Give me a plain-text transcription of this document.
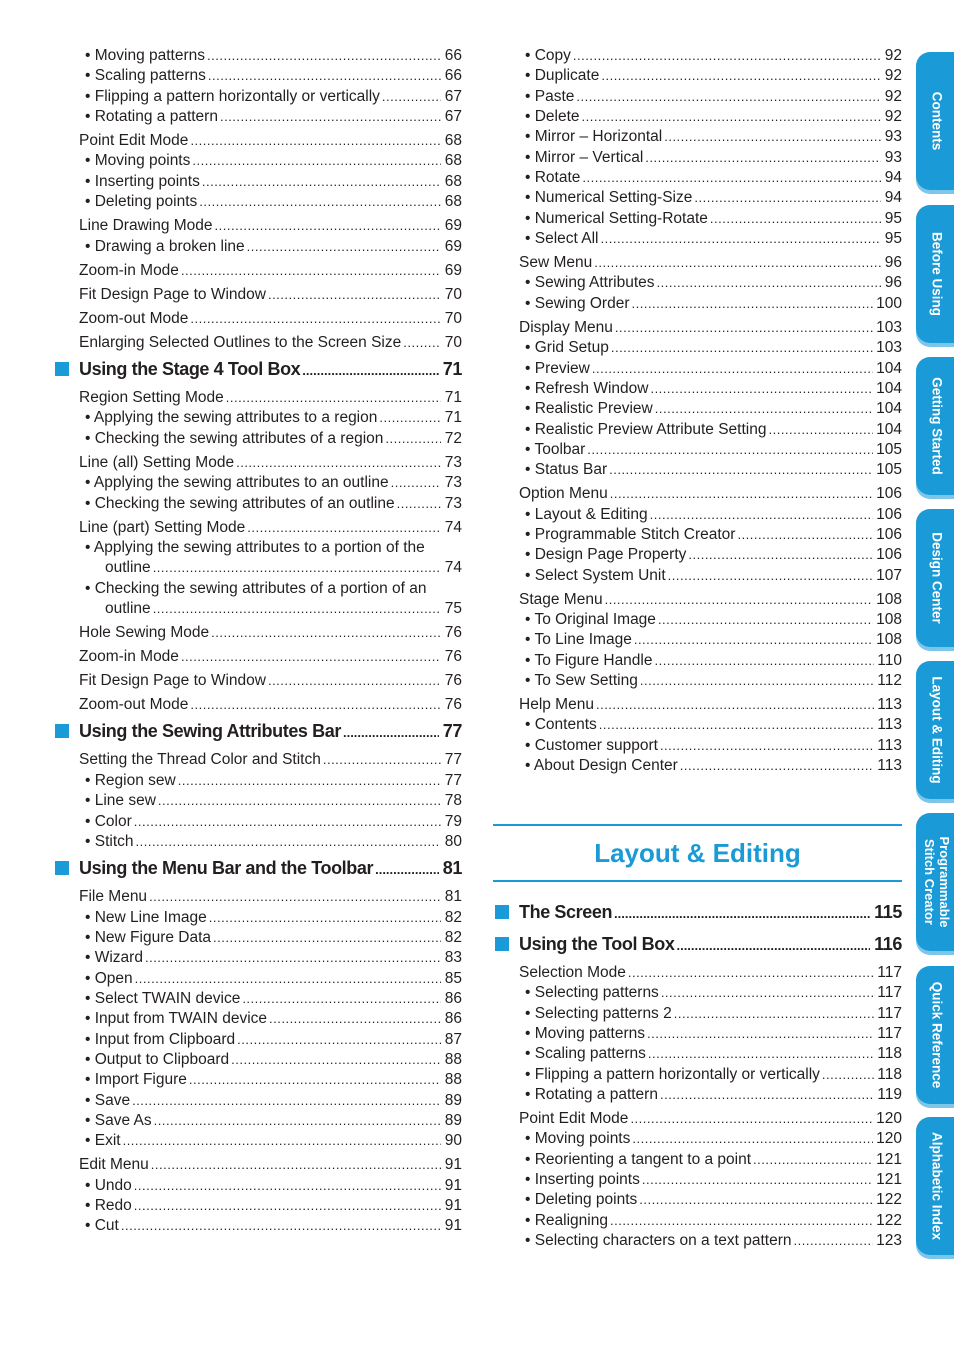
• Moving patterns .....	66
• Scaling patterns .....	66
• Flipping a pattern horizontally or vertically .....	67
• Rotating a pattern .....	67
Point Edit Mode .....	68
• Moving points .....	68
• Inserting points .....	68
• Deleting points .....	68
Line Drawing Mode .....	69
• Drawing a broken line .....	69
Zoom-in Mode .....	69
Fit Design Page to Window .....	70
Zoom-out Mode .....	70
Enlarging Selected Outlines to the Screen Size .....	70
Using the Stage 4 Tool Box .....	71
Region Setting Mode .....	71
• Applying the sewing attributes to a region .....	71
• Checking the sewing attributes of a region .....	72
Line (all) Setting Mode .....	73
• Applying the sewing attributes to an outline .....	73
• Checking the sewing attributes of an outline .....	73
Line (part) Setting Mode .....	74
• Applying the sewing attributes to a portion of the
outline .....	74
• Checking the sewing attributes of a portion of an
outline .....	75
Hole Sewing Mode .....	76
Zoom-in Mode .....	76
Fit Design Page to Window .....	76
Zoom-out Mode .....	76
Using the Sewing Attributes Bar .....	77
Setting the Thread Color and Stitch .....	77
• Region sew .....	77
• Line sew .....	78
• Color .....	79
• Stitch .....	80
Using the Menu Bar and the Toolbar .....	81
File Menu .....	81
• New Line Image .....	82
• New Figure Data .....	82
• Wizard .....	83
• Open .....	85
• Select TWAIN device .....	86
• Input from TWAIN device .....	86
• Input from Clipboard .....	87
• Output to Clipboard .....	88
• Import Figure .....	88
• Save .....	89
• Save As .....	89
• Exit .....	90
Edit Menu .....	91
• Undo .....	91
• Redo .....	91
• Cut .....	91
• Copy .....	92
• Duplicate .....	92
• Paste .....	92
• Delete .....	92
• Mirror – Horizontal .....	93
• Mirror – Vertical .....	93
• Rotate .....	94
• Numerical Setting-Size .....	94
• Numerical Setting-Rotate .....	95
• Select All .....	95
Sew Menu .....	96
• Sewing Attributes .....	96
• Sewing Order .....	100
Display Menu .....	103
• Grid Setup .....	103
• Preview .....	104
• Refresh Window .....	104
• Realistic Preview .....	104
• Realistic Preview Attribute Setting .....	104
• Toolbar .....	105
• Status Bar .....	105
Option Menu .....	106
• Layout & Editing .....	106
• Programmable Stitch Creator .....	106
• Design Page Property .....	106
• Select System Unit .....	107
Stage Menu .....	108
• To Original Image .....	108
• To Line Image .....	108
• To Figure Handle .....	110
• To Sew Setting .....	112
Help Menu .....	113
• Contents .....	113
• Customer support .....	113
• About Design Center .....	113
The Screen .....	115
Using the Tool Box .....	116
Selection Mode .....	117
• Selecting patterns .....	117
• Selecting patterns 2 .....	117
• Moving patterns .....	117
• Scaling patterns .....	118
• Flipping a pattern horizontally or vertically .....	118
• Rotating a pattern .....	119
Point Edit Mode .....	120
• Moving points .....	120
• Reorienting a tangent to a point .....	121
• Inserting points .....	121
• Deleting points .....	122
• Realigning .....	122
• Selecting characters on a text pattern .....	123
Layout & Editing
Contents
Before Using
Getting Started
Design Center
Layout & Editing
Programmable Stitch Creator
Quick Reference
Alphabetic Index
